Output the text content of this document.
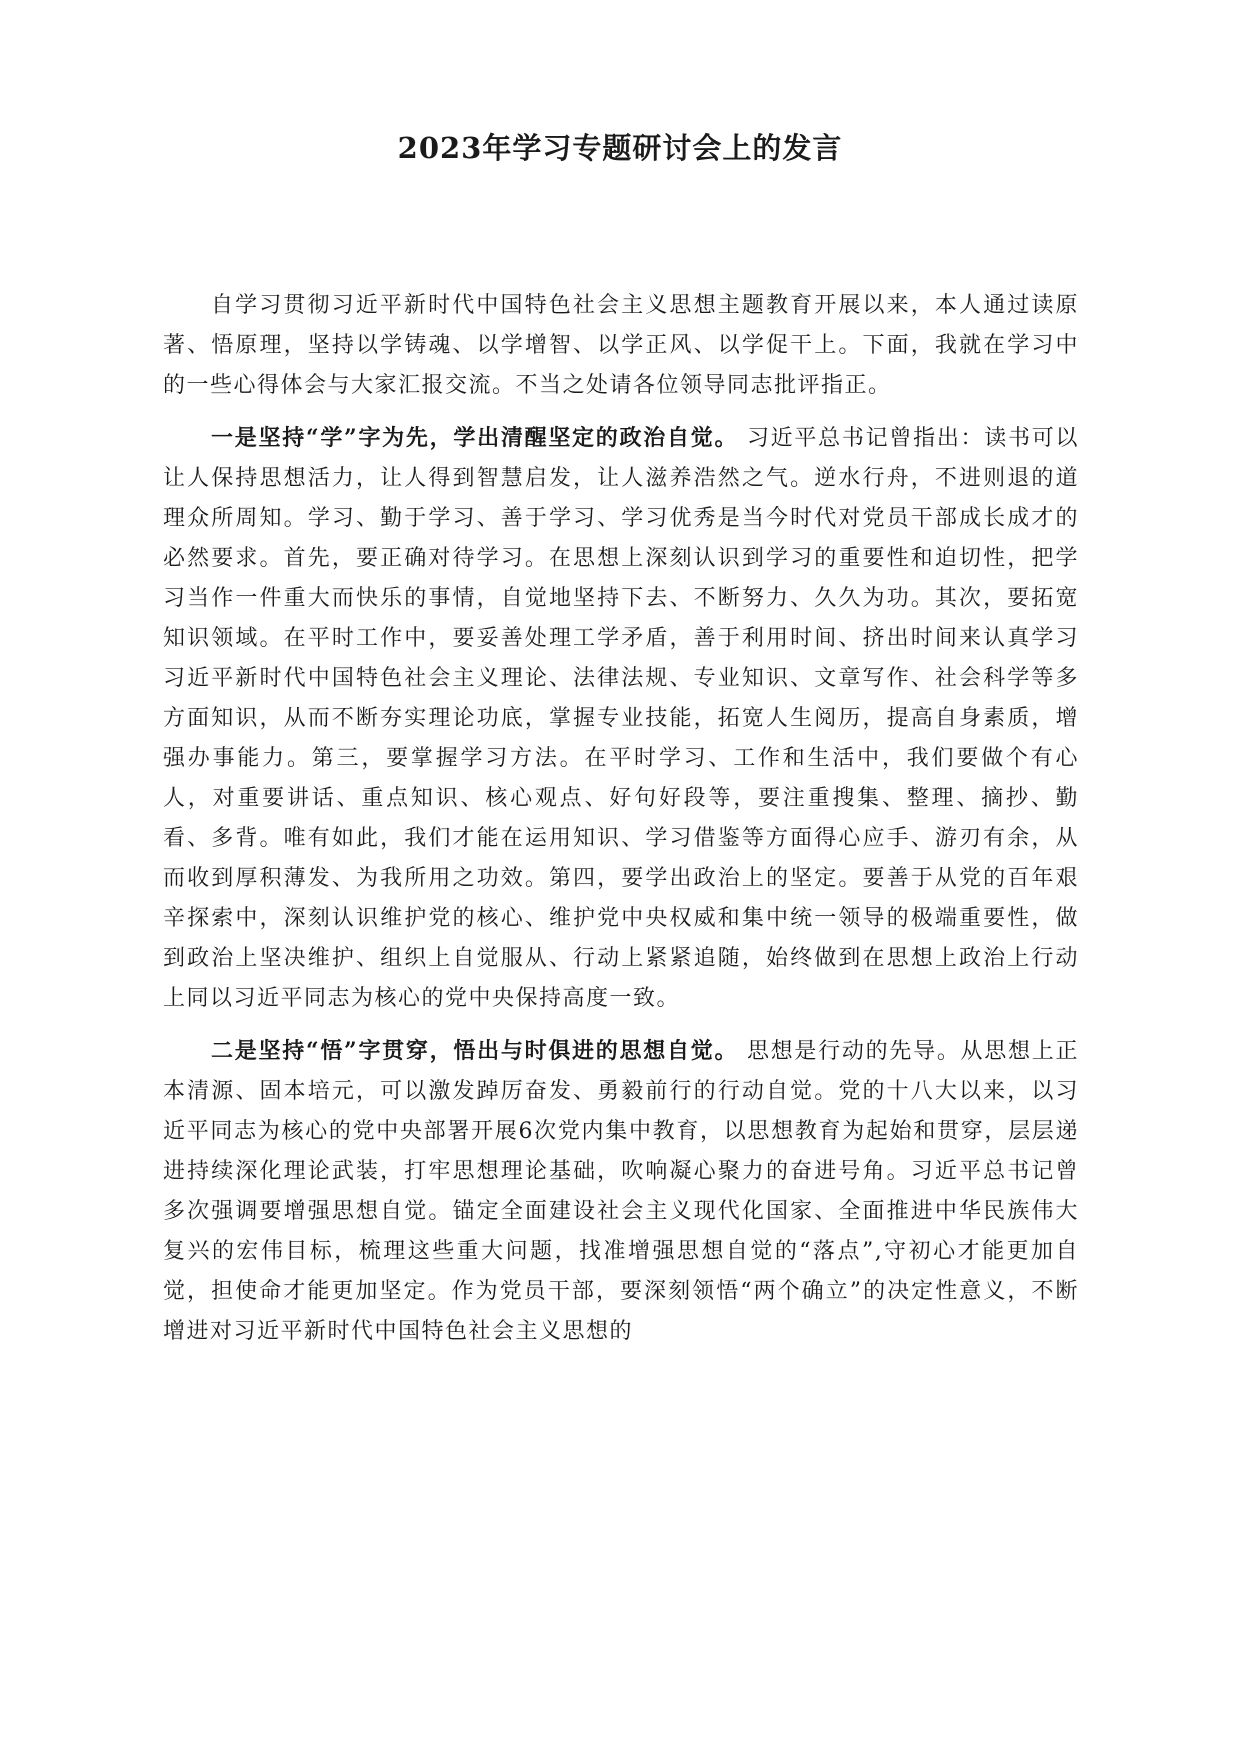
2023年学习专题研讨会上的发言

自学习贯彻习近平新时代中国特色社会主义思想主题教育开展以来，本人通过读原著、悟原理，坚持以学铸魂、以学增智、以学正风、以学促干上。下面，我就在学习中的一些心得体会与大家汇报交流。不当之处请各位领导同志批评指正。

一是坚持“学”字为先，学出清醒坚定的政治自觉。 习近平总书记曾指出：读书可以让人保持思想活力，让人得到智慧启发，让人滋养浩然之气。逆水行舟，不进则退的道理众所周知。学习、勤于学习、善于学习、学习优秀是当今时代对党员干部成长成才的必然要求。首先，要正确对待学习。在思想上深刻认识到学习的重要性和迫切性，把学习当作一件重大而快乐的事情，自觉地坚持下去、不断努力、久久为功。其次，要拓宽知识领域。在平时工作中，要妥善处理工学矛盾，善于利用时间、挤出时间来认真学习习近平新时代中国特色社会主义理论、法律法规、专业知识、文章写作、社会科学等多方面知识，从而不断夯实理论功底，掌握专业技能，拓宽人生阅历，提高自身素质，增强办事能力。第三，要掌握学习方法。在平时学习、工作和生活中，我们要做个有心人，对重要讲话、重点知识、核心观点、好句好段等，要注重搜集、整理、摘抄、勤看、多背。唯有如此，我们才能在运用知识、学习借鉴等方面得心应手、游刃有余，从而收到厚积薄发、为我所用之功效。第四，要学出政治上的坚定。要善于从党的百年艰辛探索中，深刻认识维护党的核心、维护党中央权威和集中统一领导的极端重要性，做到政治上坚决维护、组织上自觉服从、行动上紧紧追随，始终做到在思想上政治上行动上同以习近平同志为核心的党中央保持高度一致。

二是坚持“悟”字贯穿，悟出与时俱进的思想自觉。 思想是行动的先导。从思想上正本清源、固本培元，可以激发踔厉奋发、勇毅前行的行动自觉。党的十八大以来，以习近平同志为核心的党中央部署开展6次党内集中教育，以思想教育为起始和贯穿，层层递进持续深化理论武装，打牢思想理论基础，吹响凝心聚力的奋进号角。习近平总书记曾多次强调要增强思想自觉。锚定全面建设社会主义现代化国家、全面推进中华民族伟大复兴的宏伟目标，梳理这些重大问题，找准增强思想自觉的“落点”,守初心才能更加自觉，担使命才能更加坚定。作为党员干部，要深刻领悟“两个确立”的决定性意义，不断增进对习近平新时代中国特色社会主义思想的
